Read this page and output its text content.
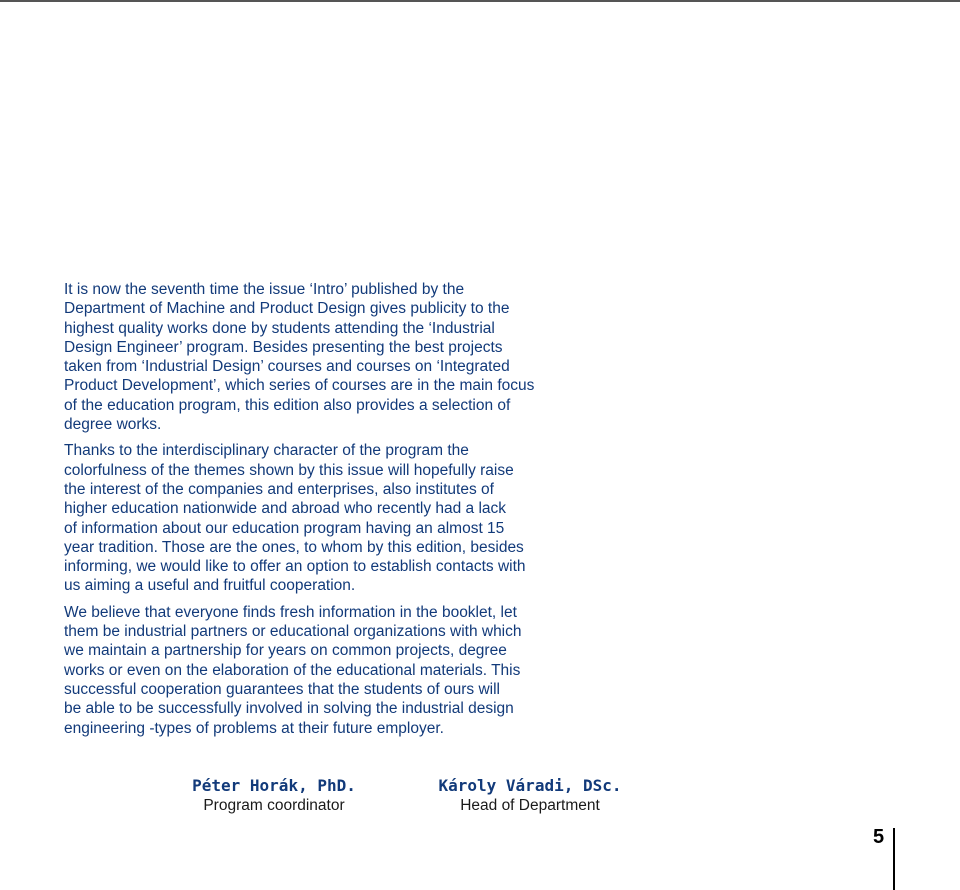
It is now the seventh time the issue ‘Intro’ published by the
Department of Machine and Product Design gives publicity to the
highest quality works done by students attending the ‘Industrial
Design Engineer’ program. Besides presenting the best projects
taken from ‘Industrial Design’ courses and courses on ‘Integrated
Product Development’, which series of courses are in the main focus
of the education program, this edition also provides a selection of
degree works.

Thanks to the interdisciplinary character of the program the
colorfulness of the themes shown by this issue will hopefully raise
the interest of the companies and enterprises, also institutes of
higher education nationwide and abroad who recently had a lack
of information about our education program having an almost 15
year tradition. Those are the ones, to whom by this edition, besides
informing, we would like to offer an option to establish contacts with
us aiming a useful and fruitful cooperation.

We believe that everyone finds fresh information in the booklet, let
them be industrial partners or educational organizations with which
we maintain a partnership for years on common projects, degree
works or even on the elaboration of the educational materials. This
successful cooperation guarantees that the students of ours will
be able to be successfully involved in solving the industrial design
engineering -types of problems at their future employer.

Péter Horák, PhD.
Program coordinator
Károly Váradi, DSc.
Head of Department
5
